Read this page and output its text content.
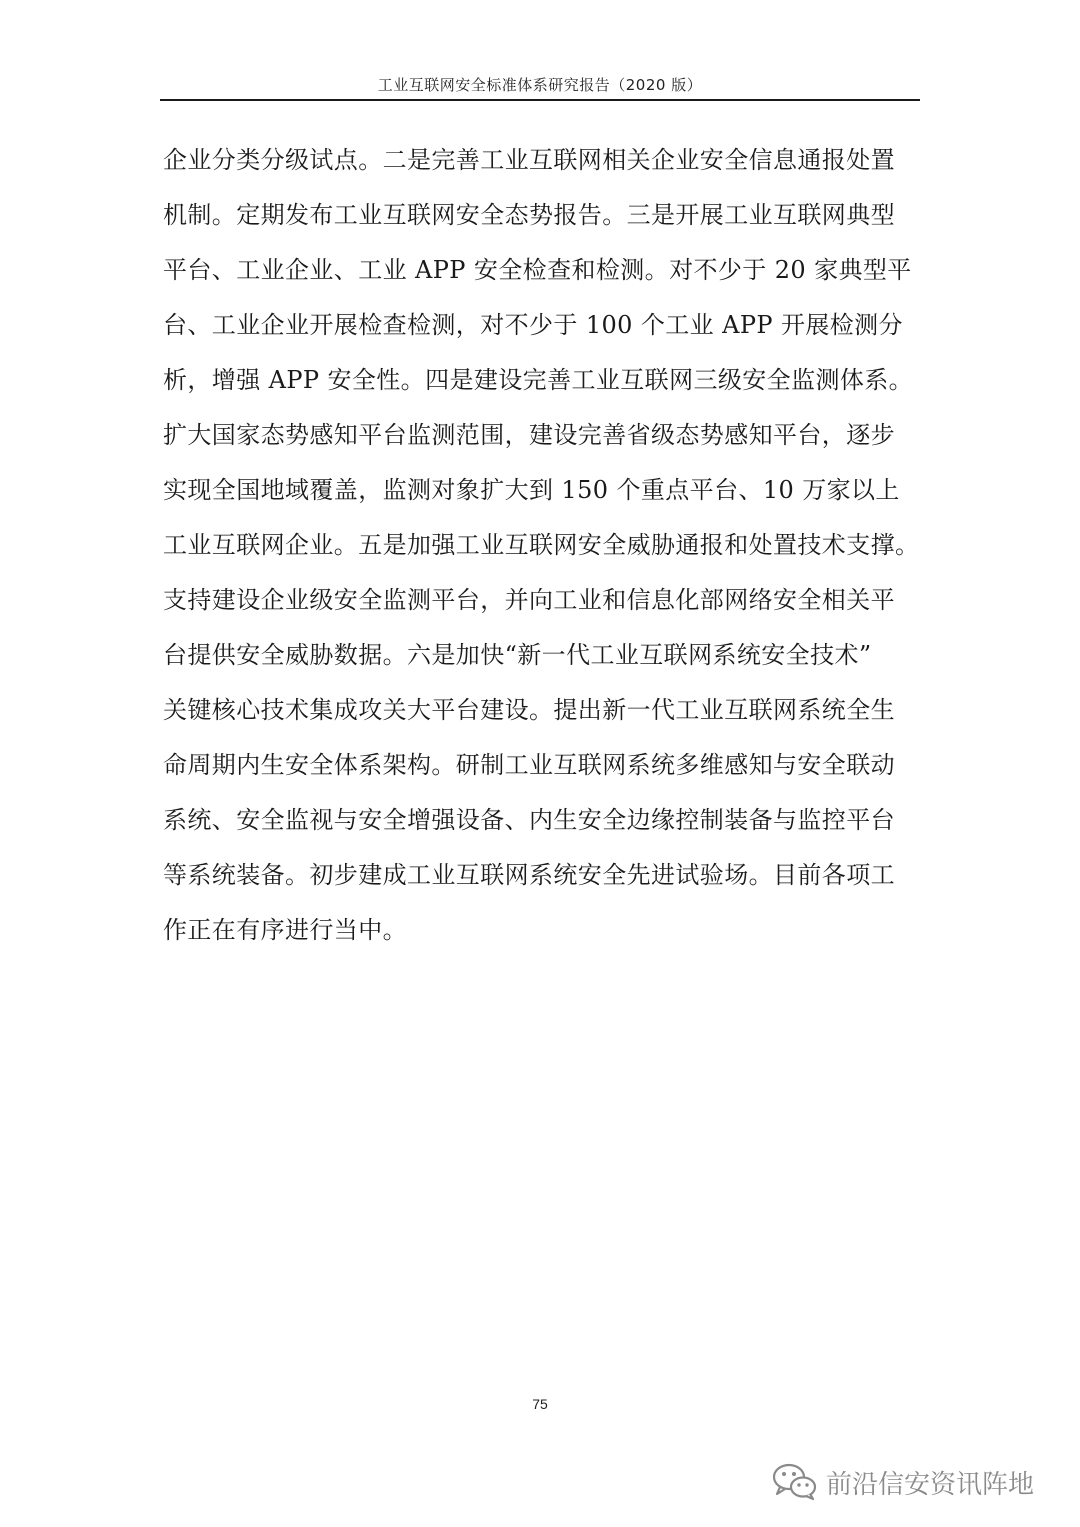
工业互联网安全标准体系研究报告（2020 版）
企业分类分级试点。二是完善工业互联网相关企业安全信息通报处置
机制。定期发布工业互联网安全态势报告。三是开展工业互联网典型
平台、工业企业、工业 APP 安全检查和检测。对不少于 20 家典型平
台、工业企业开展检查检测，对不少于 100 个工业 APP 开展检测分
析，增强 APP 安全性。四是建设完善工业互联网三级安全监测体系。
扩大国家态势感知平台监测范围，建设完善省级态势感知平台，逐步
实现全国地域覆盖，监测对象扩大到 150 个重点平台、10 万家以上
工业互联网企业。五是加强工业互联网安全威胁通报和处置技术支撑。
支持建设企业级安全监测平台，并向工业和信息化部网络安全相关平
台提供安全威胁数据。六是加快“新一代工业互联网系统安全技术”
关键核心技术集成攻关大平台建设。提出新一代工业互联网系统全生
命周期内生安全体系架构。研制工业互联网系统多维感知与安全联动
系统、安全监视与安全增强设备、内生安全边缘控制装备与监控平台
等系统装备。初步建成工业互联网系统安全先进试验场。目前各项工
作正在有序进行当中。
75
前沿信安资讯阵地
